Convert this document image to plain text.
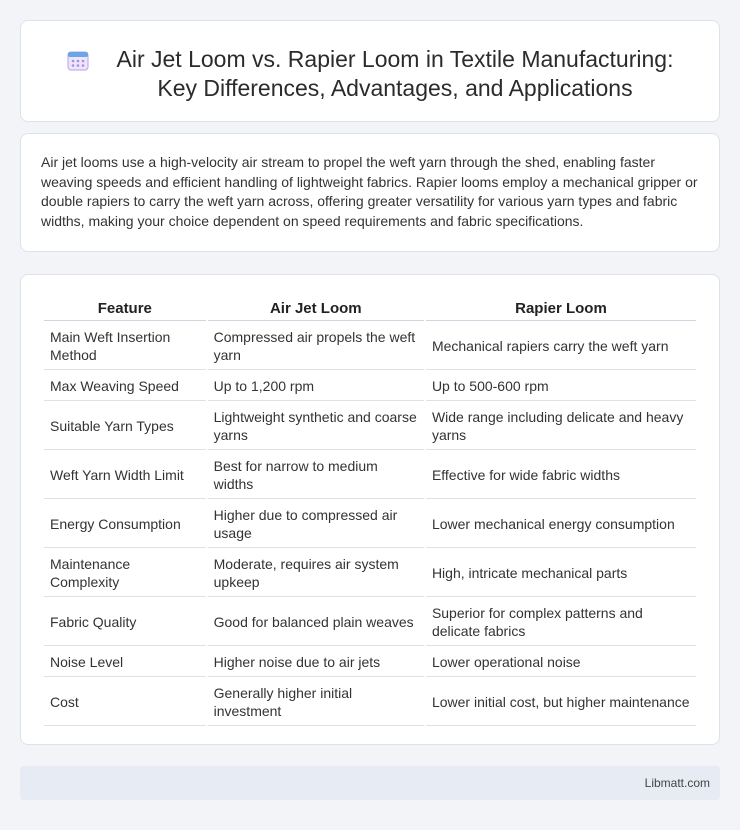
Air Jet Loom vs. Rapier Loom in Textile Manufacturing:
Key Differences, Advantages, and Applications

Air jet looms use a high-velocity air stream to propel the weft yarn through the shed, enabling faster weaving speeds and efficient handling of lightweight fabrics. Rapier looms employ a mechanical gripper or double rapiers to carry the weft yarn across, offering greater versatility for various yarn types and fabric widths, making your choice dependent on speed requirements and fabric specifications.

Feature	Air Jet Loom	Rapier Loom
Main Weft Insertion Method	Compressed air propels the weft yarn	Mechanical rapiers carry the weft yarn
Max Weaving Speed	Up to 1,200 rpm	Up to 500-600 rpm
Suitable Yarn Types	Lightweight synthetic and coarse yarns	Wide range including delicate and heavy yarns
Weft Yarn Width Limit	Best for narrow to medium widths	Effective for wide fabric widths
Energy Consumption	Higher due to compressed air usage	Lower mechanical energy consumption
Maintenance Complexity	Moderate, requires air system upkeep	High, intricate mechanical parts
Fabric Quality	Good for balanced plain weaves	Superior for complex patterns and delicate fabrics
Noise Level	Higher noise due to air jets	Lower operational noise
Cost	Generally higher initial investment	Lower initial cost, but higher maintenance
Libmatt.com
